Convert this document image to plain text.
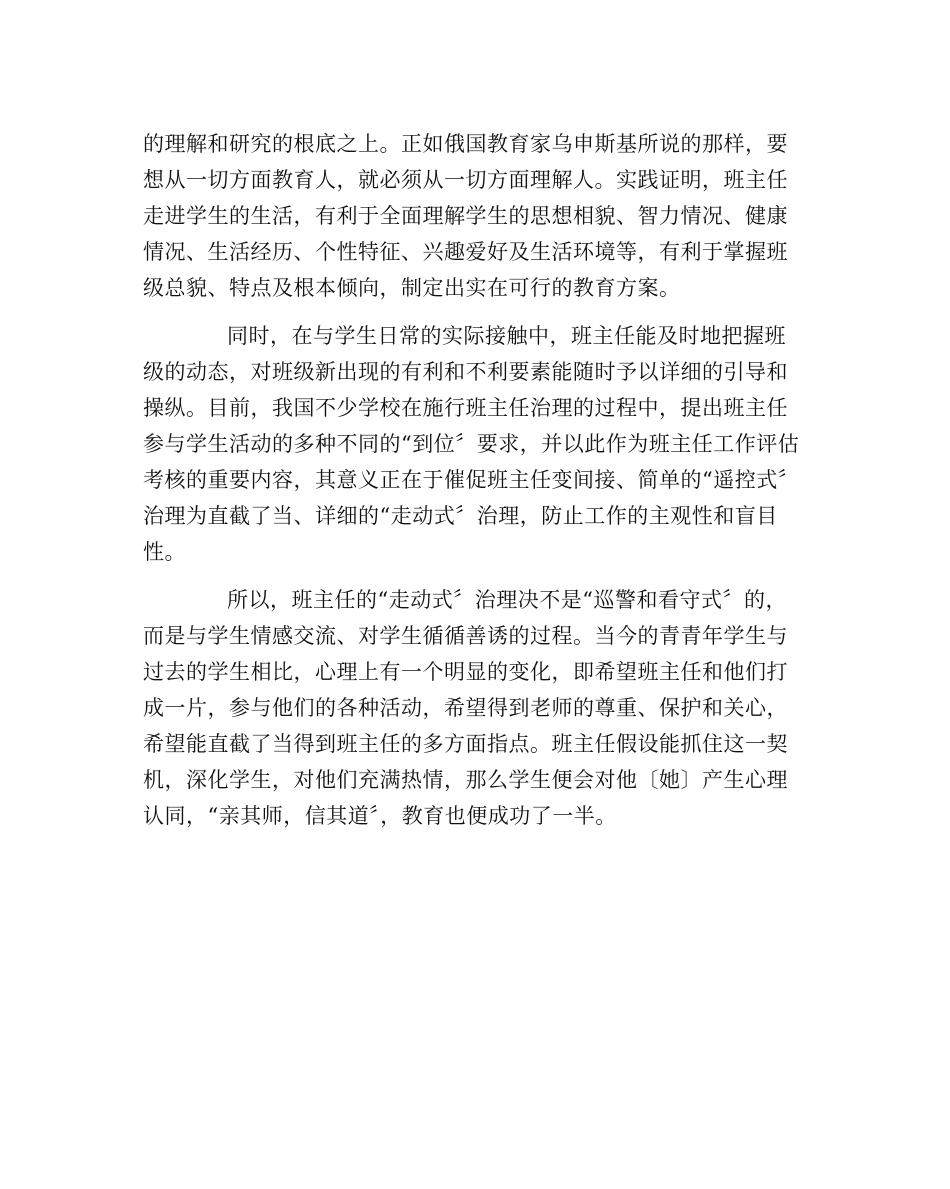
的理解和研究的根底之上。正如俄国教育家乌申斯基所说的那样，要
想从一切方面教育人，就必须从一切方面理解人。实践证明，班主任
走进学生的生活，有利于全面理解学生的思想相貌、智力情况、健康
情况、生活经历、个性特征、兴趣爱好及生活环境等，有利于掌握班
级总貌、特点及根本倾向，制定出实在可行的教育方案。
同时，在与学生日常的实际接触中，班主任能及时地把握班
级的动态，对班级新出现的有利和不利要素能随时予以详细的引导和
操纵。目前，我国不少学校在施行班主任治理的过程中，提出班主任
参与学生活动的多种不同的“到位〞要求，并以此作为班主任工作评估
考核的重要内容，其意义正在于催促班主任变间接、简单的“遥控式〞
治理为直截了当、详细的“走动式〞治理，防止工作的主观性和盲目
性。
所以，班主任的“走动式〞治理决不是“巡警和看守式〞的，
而是与学生情感交流、对学生循循善诱的过程。当今的青青年学生与
过去的学生相比，心理上有一个明显的变化，即希望班主任和他们打
成一片，参与他们的各种活动，希望得到老师的尊重、保护和关心，
希望能直截了当得到班主任的多方面指点。班主任假设能抓住这一契
机，深化学生，对他们充满热情，那么学生便会对他〔她〕产生心理
认同，“亲其师，信其道〞，教育也便成功了一半。
